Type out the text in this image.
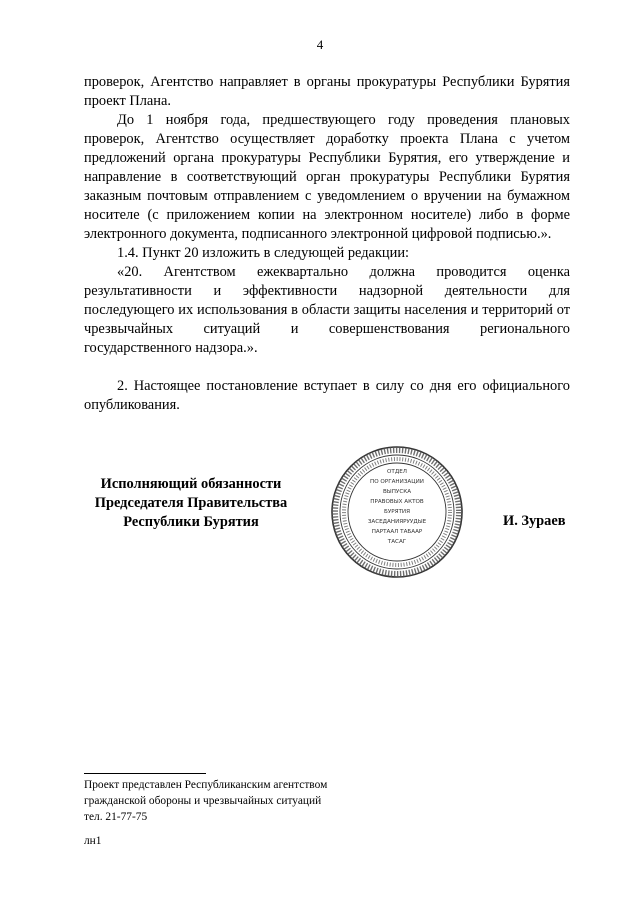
4

проверок, Агентство направляет в органы прокуратуры Республики Бурятия проект Плана.

До 1 ноября года, предшествующего году проведения плановых проверок, Агентство осуществляет доработку проекта Плана с учетом предложений органа прокуратуры Республики Бурятия, его утверждение и направление в соответствующий орган прокуратуры Республики Бурятия заказным почтовым отправлением с уведомлением о вручении на бумажном носителе (с приложением копии на электронном носителе) либо в форме электронного документа, подписанного электронной цифровой подписью.».

1.4. Пункт 20 изложить в следующей редакции:

«20. Агентством ежеквартально должна проводится оценка результативности и эффективности надзорной деятельности для последующего их использования в области защиты населения и территорий от чрезвычайных ситуаций и совершенствования регионального государственного надзора.».

2. Настоящее постановление вступает в силу со дня его официального опубликования.

Исполняющий обязанности
Председателя Правительства
Республики Бурятия
ОТДЕЛ
ПО ОРГАНИЗАЦИИ
ВЫПУСКА
ПРАВОВЫХ АКТОВ
БУРЯТИЯ
ЗАСЕДАНИЯРУУДЫЕ
ПАРТААЛ ТАБААР
ТАСАГ
И. Зураев
Проект представлен Республиканским агентством
гражданской обороны и чрезвычайных ситуаций
тел. 21-77-75
лн1
